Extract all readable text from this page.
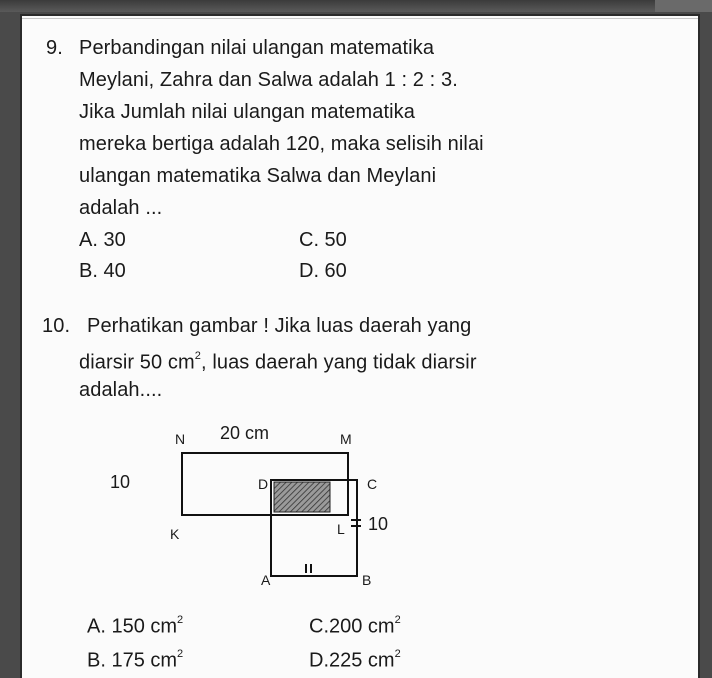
9. Perbandingan nilai ulangan matematika
Meylani, Zahra dan Salwa adalah 1 : 2 : 3.
Jika Jumlah nilai ulangan matematika
mereka bertiga adalah 120, maka selisih nilai
ulangan matematika Salwa dan Meylani
adalah ...
A. 30	C. 50
B. 40	D. 60
10. Perhatikan gambar ! Jika luas daerah yang
diarsir 50 $cm^2$, luas daerah yang tidak diarsir
adalah....
N 20 cm	M
10	D	C
K	L 10
A	B
A. 150 $cm^2$	C.200 $cm^2$
B. 175 $cm^2$	D.225 $cm^2$
